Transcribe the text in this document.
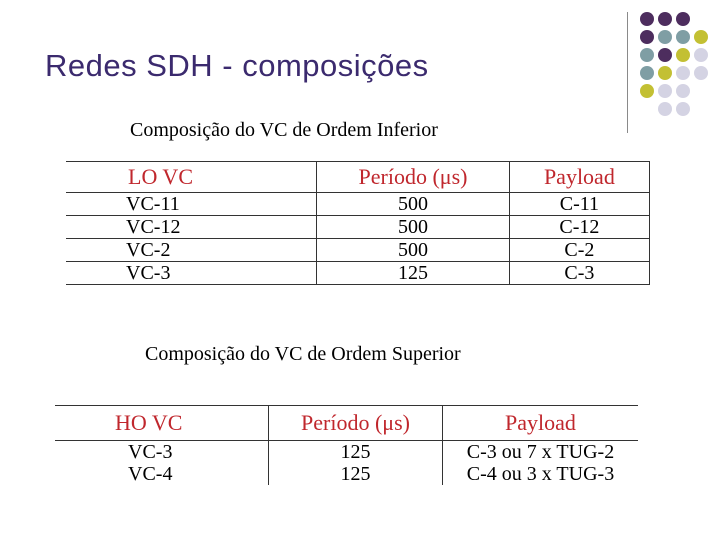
Redes SDH - composições
Composição do VC de Ordem Inferior
LO VC	Período (μs)	Payload
VC-11	500	C-11
VC-12	500	C-12
VC-2	500	C-2
VC-3	125	C-3
Composição do VC de Ordem Superior
HO VC	Período (μs)	Payload
VC-3	125	C-3 ou 7 x TUG-2
VC-4	125	C-4 ou 3 x TUG-3
